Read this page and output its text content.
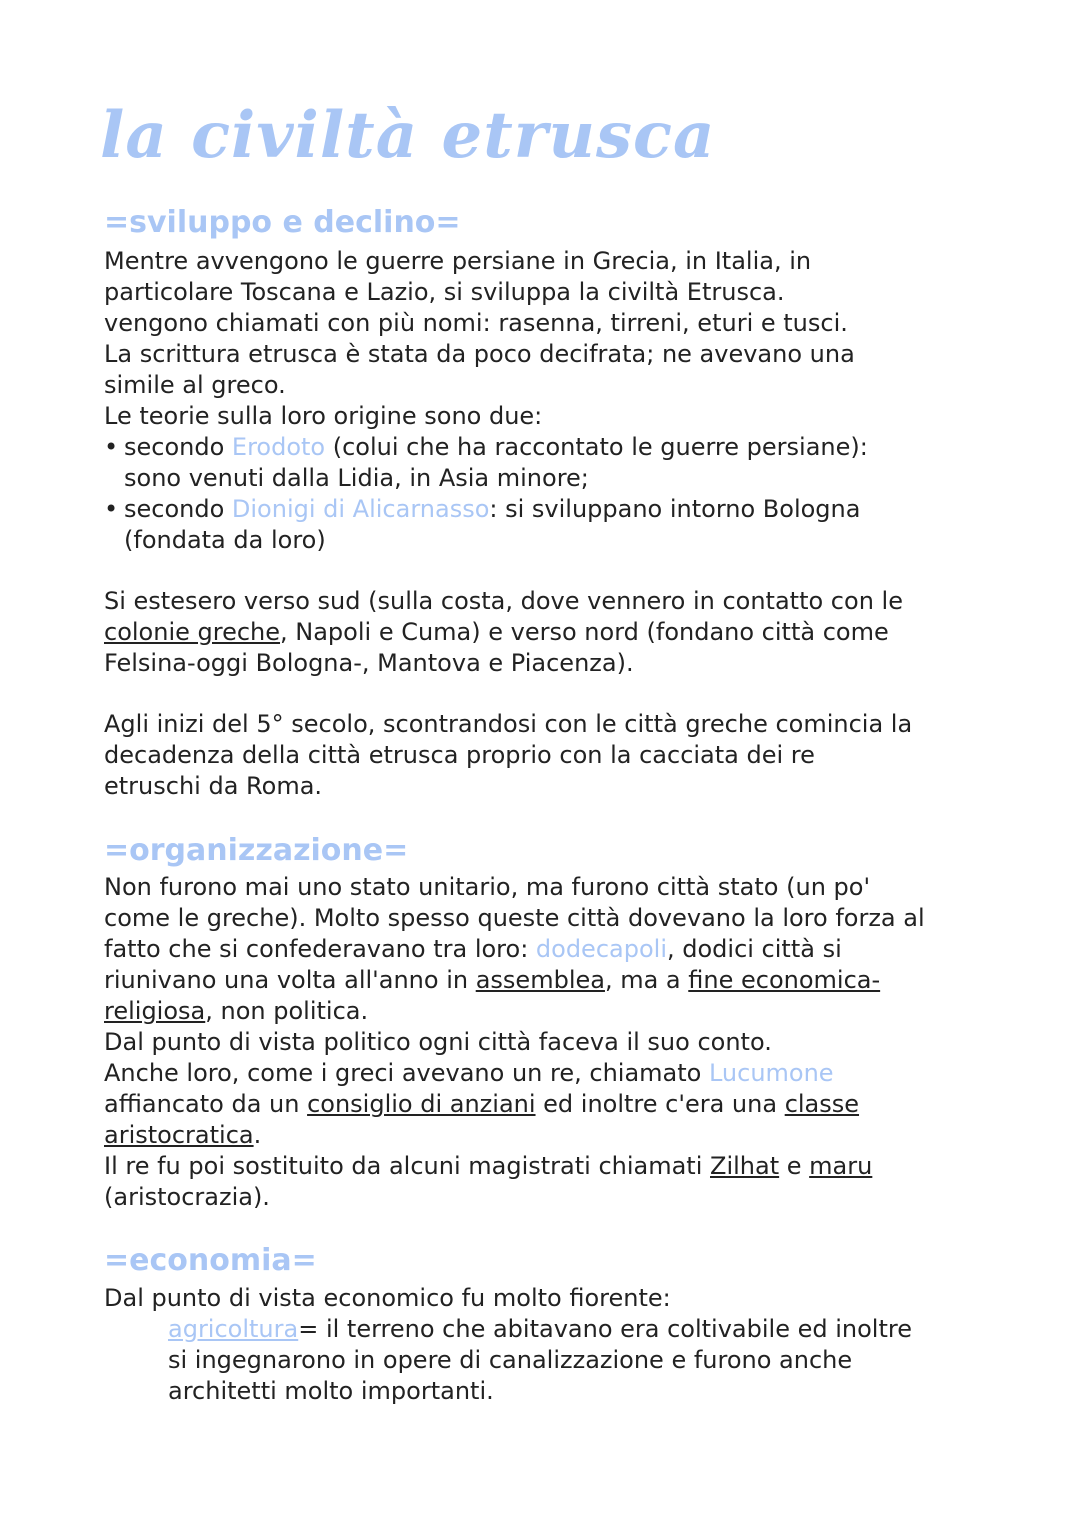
la civiltà etrusca
=sviluppo e declino=
Mentre avvengono le guerre persiane in Grecia, in Italia, in
particolare Toscana e Lazio, si sviluppa la civiltà Etrusca.
vengono chiamati con più nomi: rasenna, tirreni, eturi e tusci.
La scrittura etrusca è stata da poco decifrata; ne avevano una
simile al greco.
Le teorie sulla loro origine sono due:
• secondo Erodoto (colui che ha raccontato le guerre persiane):
sono venuti dalla Lidia, in Asia minore;
• secondo Dionigi di Alicarnasso: si sviluppano intorno Bologna
(fondata da loro)
Si estesero verso sud (sulla costa, dove vennero in contatto con le
colonie greche, Napoli e Cuma) e verso nord (fondano città come
Felsina-oggi Bologna-, Mantova e Piacenza).
Agli inizi del 5° secolo, scontrandosi con le città greche comincia la
decadenza della città etrusca proprio con la cacciata dei re
etruschi da Roma.
=organizzazione=
Non furono mai uno stato unitario, ma furono città stato (un po'
come le greche). Molto spesso queste città dovevano la loro forza al
fatto che si confederavano tra loro: dodecapoli, dodici città si
riunivano una volta all'anno in assemblea, ma a fine economica-
religiosa, non politica.
Dal punto di vista politico ogni città faceva il suo conto.
Anche loro, come i greci avevano un re, chiamato Lucumone
affiancato da un consiglio di anziani ed inoltre c'era una classe
aristocratica.
Il re fu poi sostituito da alcuni magistrati chiamati Zilhat e maru
(aristocrazia).
=economia=
Dal punto di vista economico fu molto fiorente:
agricoltura= il terreno che abitavano era coltivabile ed inoltre
si ingegnarono in opere di canalizzazione e furono anche
architetti molto importanti.
